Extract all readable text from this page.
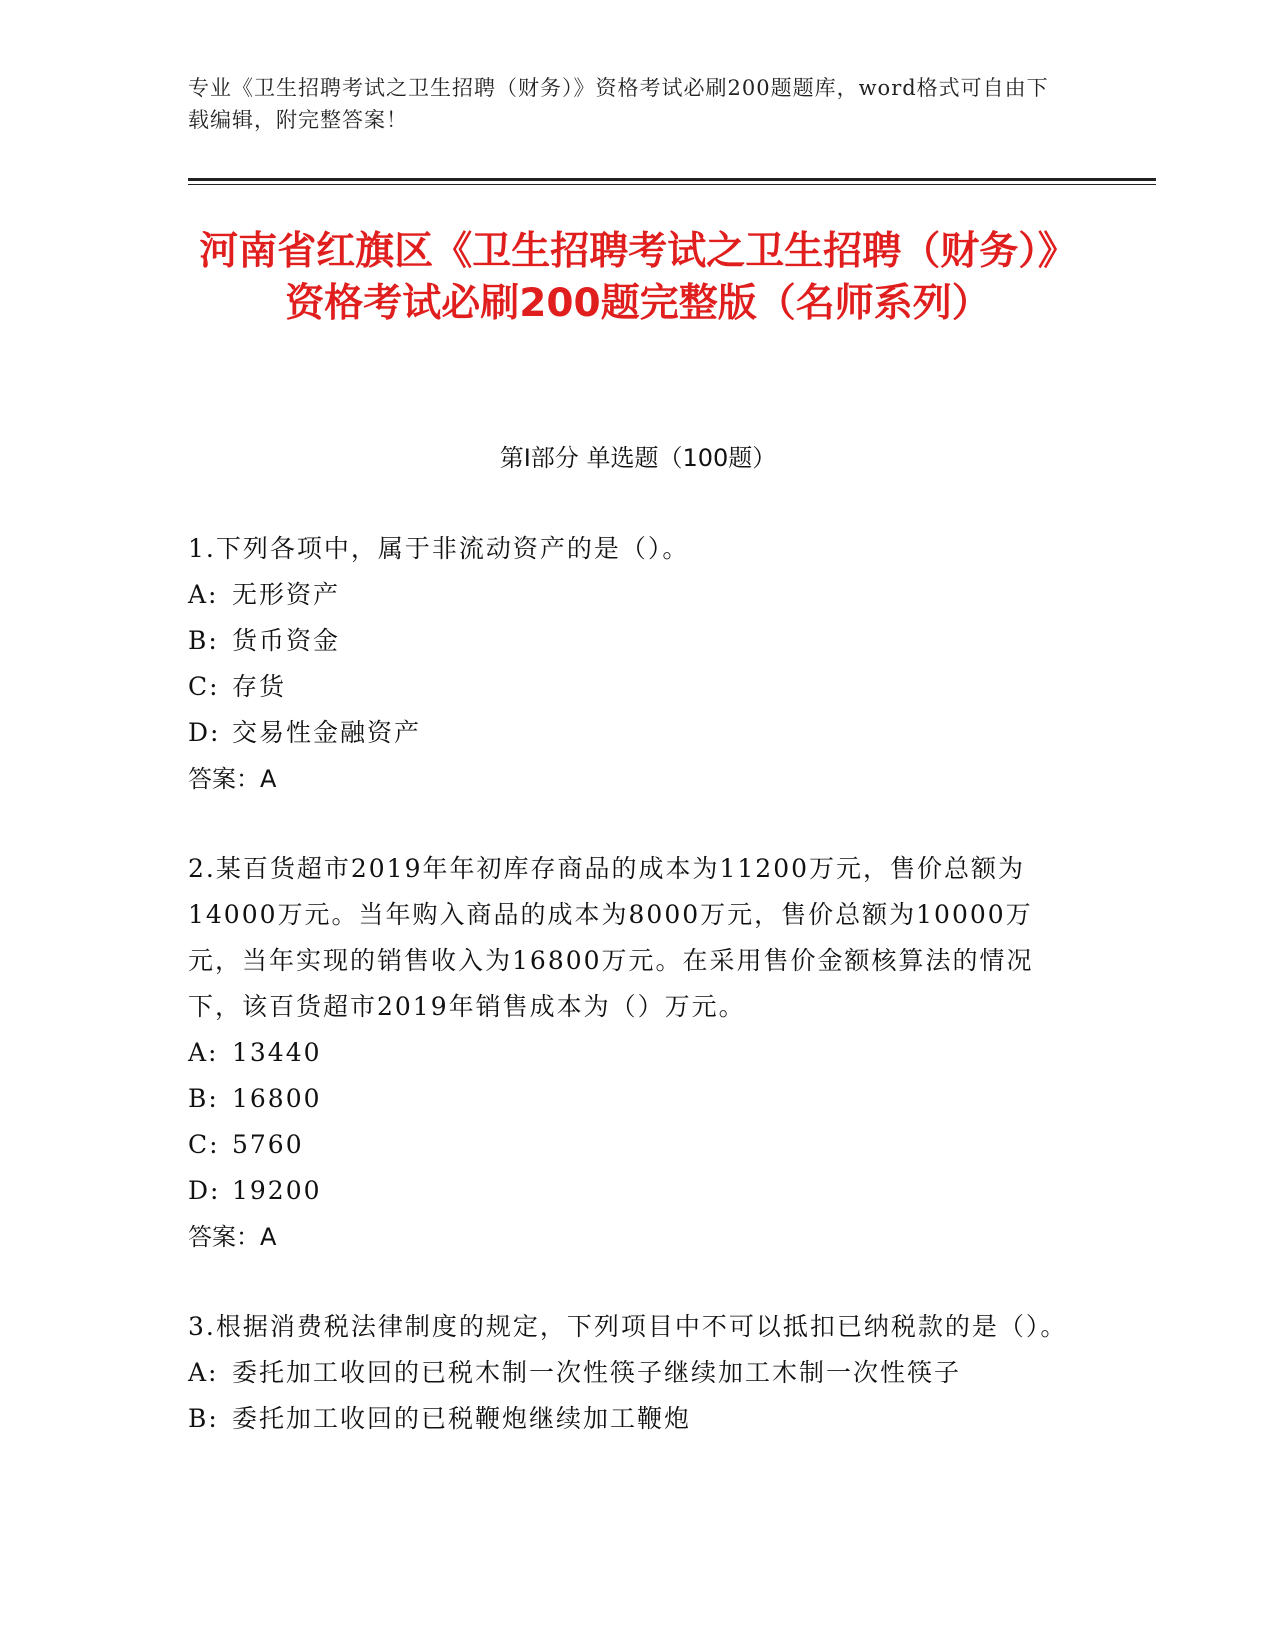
专业《卫生招聘考试之卫生招聘（财务）》资格考试必刷200题题库，word格式可自由下载编辑，附完整答案！
河南省红旗区《卫生招聘考试之卫生招聘（财务）》资格考试必刷200题完整版（名师系列）
第I部分 单选题（100题）

1.下列各项中，属于非流动资产的是（）。

A: 无形资产

B: 货币资金

C: 存货

D: 交易性金融资产

答案：A

2.某百货超市2019年年初库存商品的成本为11200万元，售价总额为14000万元。当年购入商品的成本为8000万元，售价总额为10000万元，当年实现的销售收入为16800万元。在采用售价金额核算法的情况下，该百货超市2019年销售成本为（）万元。

A: 13440

B: 16800

C: 5760

D: 19200

答案：A

3.根据消费税法律制度的规定，下列项目中不可以抵扣已纳税款的是（）。

A: 委托加工收回的已税木制一次性筷子继续加工木制一次性筷子

B: 委托加工收回的已税鞭炮继续加工鞭炮
